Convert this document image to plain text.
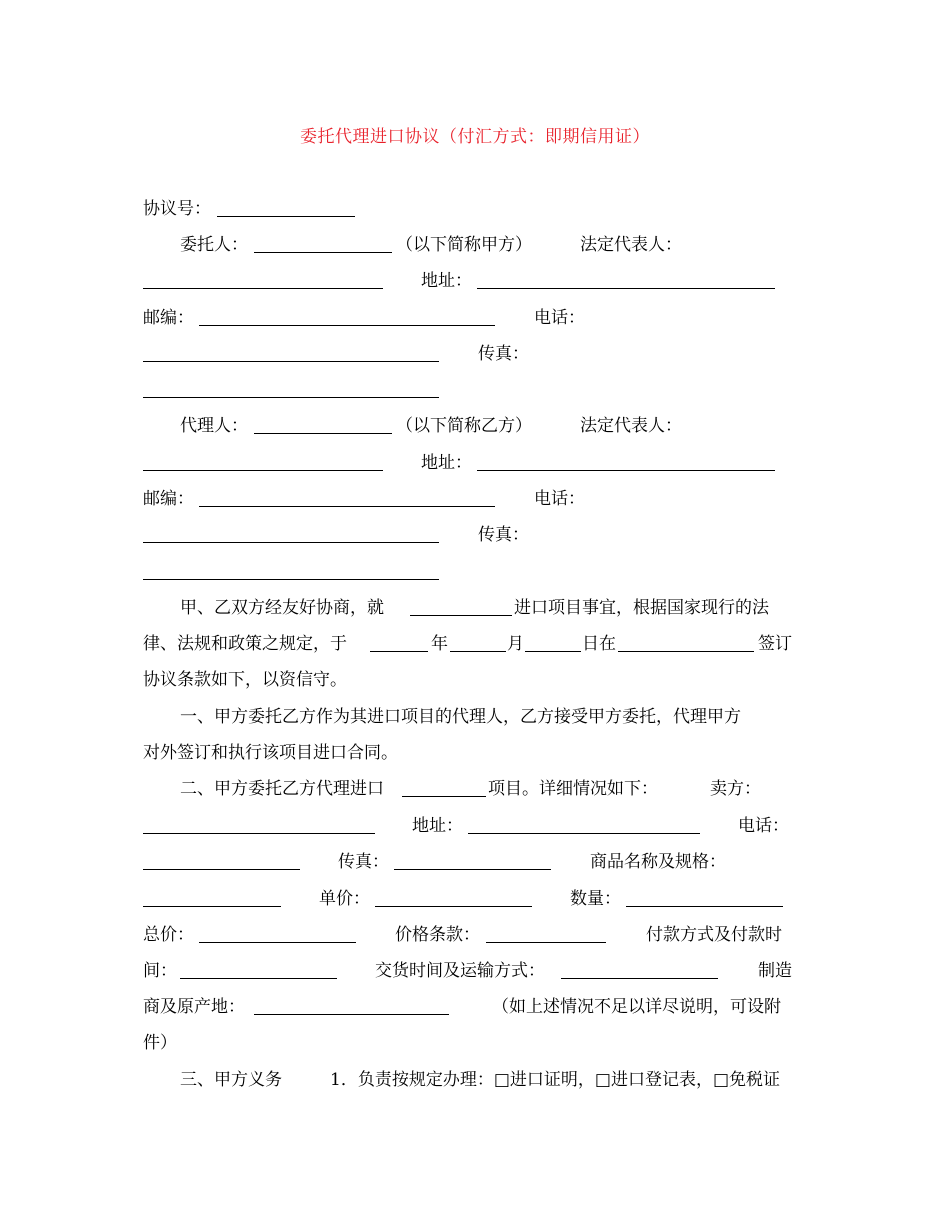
委托代理进口协议（付汇方式：即期信用证）
协议号：
委托人：	（以下简称甲方）	法定代表人：
地址：
邮编：	电话：
传真：
代理人：	（以下简称乙方）	法定代表人：
地址：
邮编：	电话：
传真：
甲、乙双方经友好协商，就	进口项目事宜，根据国家现行的法
律、法规和政策之规定，于	年	月	日在	签订
协议条款如下，以资信守。
一、甲方委托乙方作为其进口项目的代理人，乙方接受甲方委托，代理甲方
对外签订和执行该项目进口合同。
二、甲方委托乙方代理进口	项目。详细情况如下：	卖方：
地址：	电话：
传真：	商品名称及规格：
单价：	数量：
总价：	价格条款：	付款方式及付款时
间：	交货时间及运输方式：	制造
商及原产地：	（如上述情况不足以详尽说明，可设附
件）
三、甲方义务	1．负责按规定办理：□进口证明，□进口登记表，□免税证
